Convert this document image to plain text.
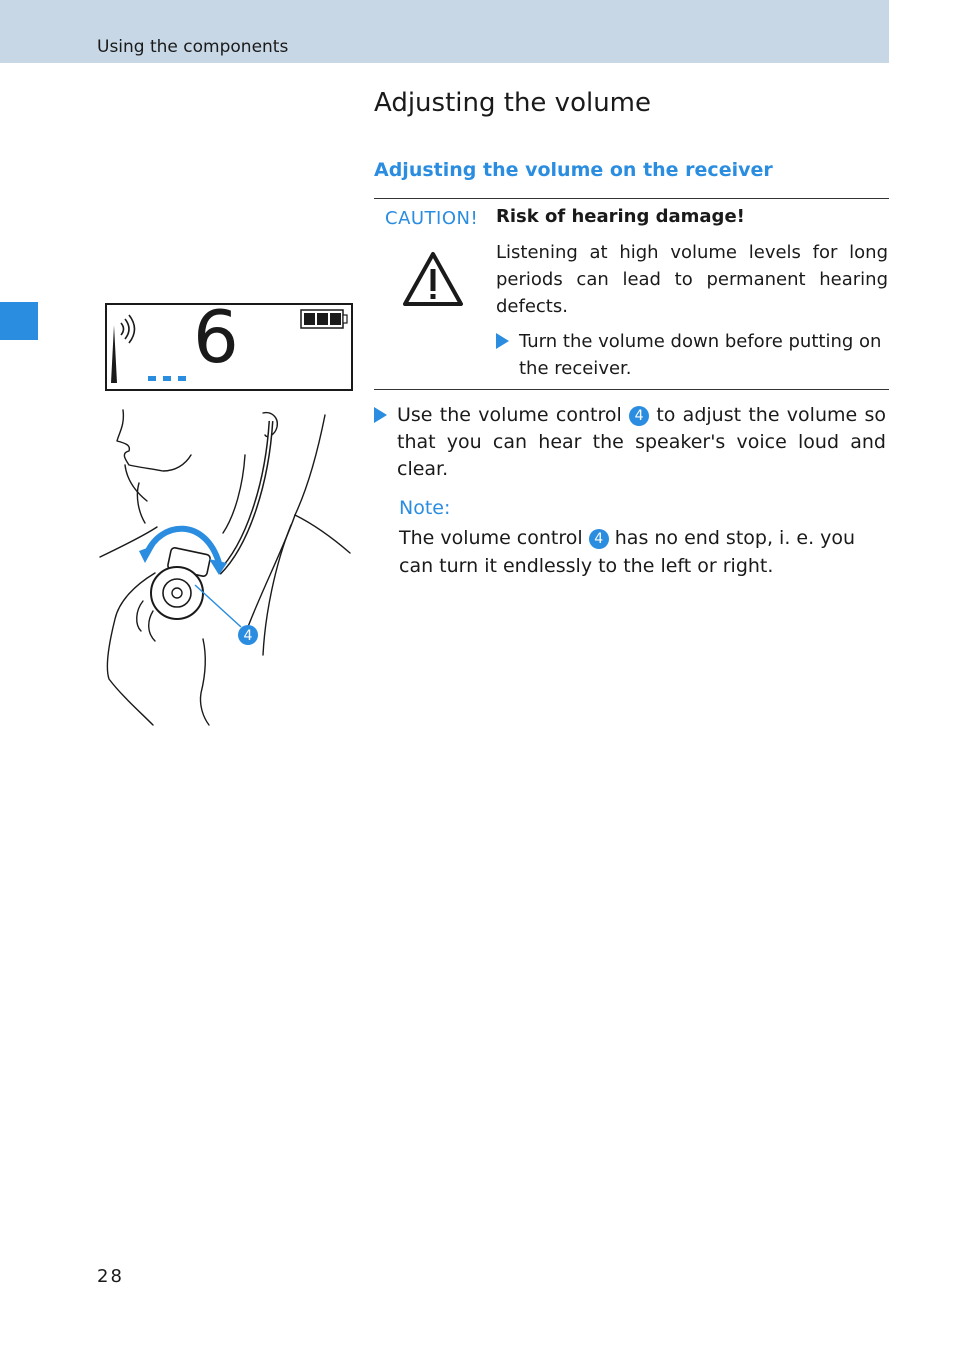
Using the components
Adjusting the volume
Adjusting the volume on the receiver
CAUTION! Risk of hearing damage!
Listening at high volume levels for long periods can lead to permanent hearing defects.
Turn the volume down before putting on the receiver.
Use the volume control 4 to adjust the volume so that you can hear the speaker's voice loud and clear.
Note:
The volume control 4 has no end stop, i. e. you can turn it endlessly to the left or right.
6
4
28
